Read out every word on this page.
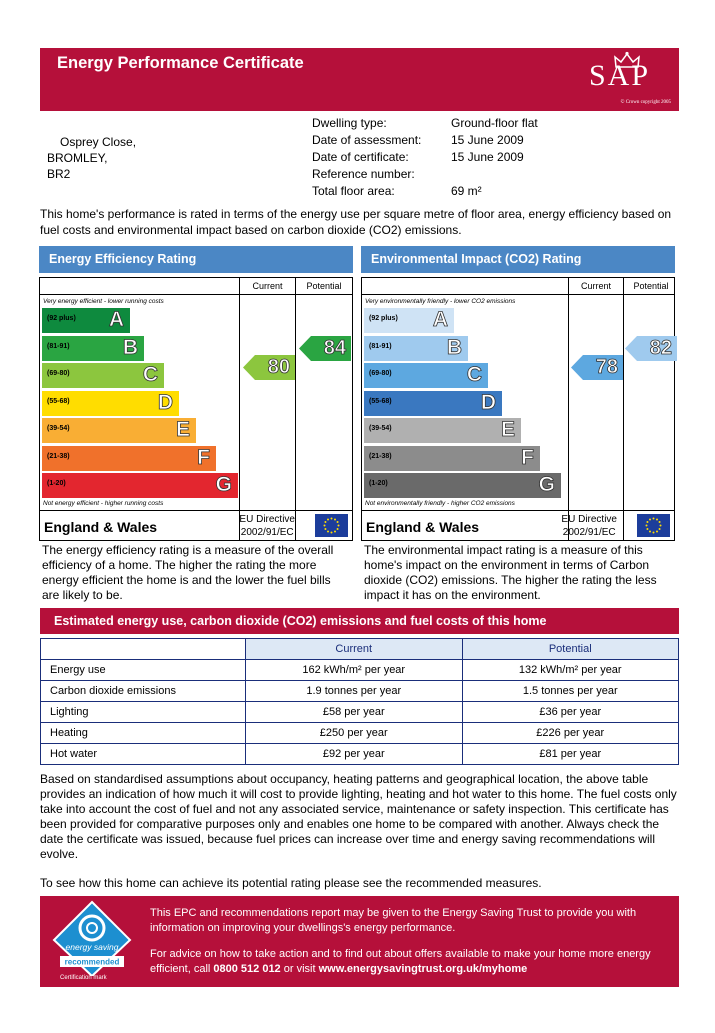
Energy Performance Certificate	SAP
© Crown copyright 2005
Osprey Close,
BROMLEY,
BR2
Dwelling type:	Ground-floor flat
Date of assessment:	15 June 2009
Date of certificate:	15 June 2009
Reference number:
Total floor area:	69 m²
This home's performance is rated in terms of the energy use per square metre of floor area, energy efficiency based on fuel costs and environmental impact based on carbon dioxide (CO2) emissions.
Energy Efficiency Rating
Current	Potential
Very energy efficient - lower running costs
(92 plus) A
(81-91)	B
(69-80)	C
(55-68)	D
(39-54)	E
(21-38)	F
(1-20)	G
Not energy efficient - higher running costs
80
84
England & Wales	EU Directive
2002/91/EC
The energy efficiency rating is a measure of the overall efficiency of a home. The higher the rating the more energy efficient the home is and the lower the fuel bills are likely to be.
Environmental Impact (CO2) Rating
Current	Potential
Very environmentally friendly - lower CO2 emissions
(92 plus) A
(81-91)	B
(69-80)	C
(55-68)	D
(39-54)	E
(21-38)	F
(1-20)	G
Not environmentally friendly - higher CO2 emissions
78
82
England & Wales	EU Directive
2002/91/EC
The environmental impact rating is a measure of this home's impact on the environment in terms of Carbon dioxide (CO2) emissions. The higher the rating the less impact it has on the environment.
Estimated energy use, carbon dioxide (CO2) emissions and fuel costs of this home
	Current	Potential
Energy use	162 kWh/m² per year	132 kWh/m² per year
Carbon dioxide emissions	1.9 tonnes per year	1.5 tonnes per year
Lighting	£58 per year	£36 per year
Heating	£250 per year	£226 per year
Hot water	£92 per year	£81 per year
Based on standardised assumptions about occupancy, heating patterns and geographical location, the above table provides an indication of how much it will cost to provide lighting, heating and hot water to this home. The fuel costs only take into account the cost of fuel and not any associated service, maintenance or safety inspection. This certificate has been provided for comparative purposes only and enables one home to be compared with another. Always check the date the certificate was issued, because fuel prices can increase over time and energy saving recommendations will evolve.
To see how this home can achieve its potential rating please see the recommended measures.
energy saving
recommended
Certification mark
This EPC and recommendations report may be given to the Energy Saving Trust to provide you with information on improving your dwellings's energy performance.
For advice on how to take action and to find out about offers available to make your home more energy efficient, call 0800 512 012 or visit www.energysavingtrust.org.uk/myhome
